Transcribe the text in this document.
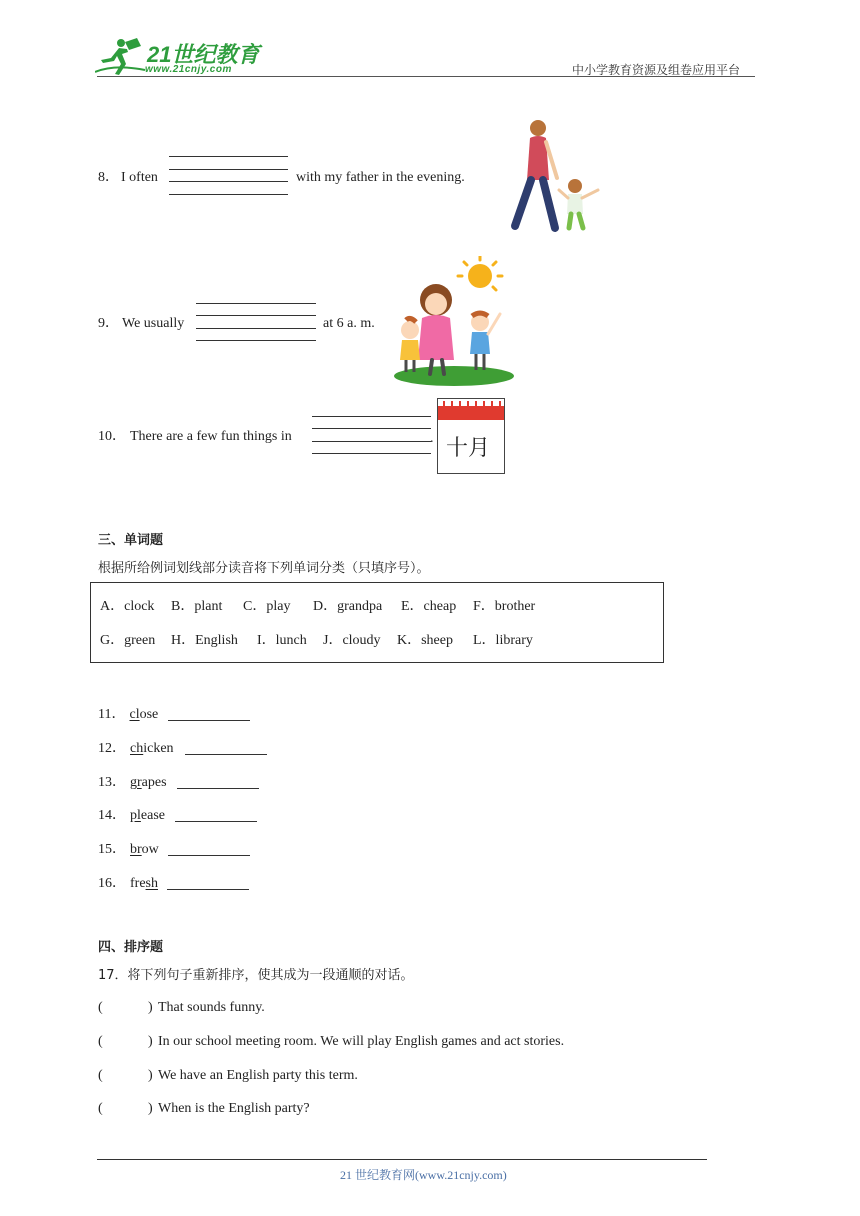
21世纪教育
www.21cnjy.com	中小学教育资源及组卷应用平台
8． I often	with my father in the evening.
9． We usually	at 6 a. m.
10． There are a few fun things in	. 十月
三、单词题
根据所给例词划线部分读音将下列单词分类（只填序号）。
A．clock B．plant C．play D．grandpa E．cheap F．brother
G．green H．English I．lunch J．cloudy K．sheep L．library
11． close
12． chicken
13． grapes
14． please
15． brow
16． fresh
四、排序题
17．将下列句子重新排序，使其成为一段通顺的对话。
(	) That sounds funny.
(	) In our school meeting room. We will play English games and act stories.
(	) We have an English party this term.
(	) When is the English party?
21 世纪教育网(www.21cnjy.com)
